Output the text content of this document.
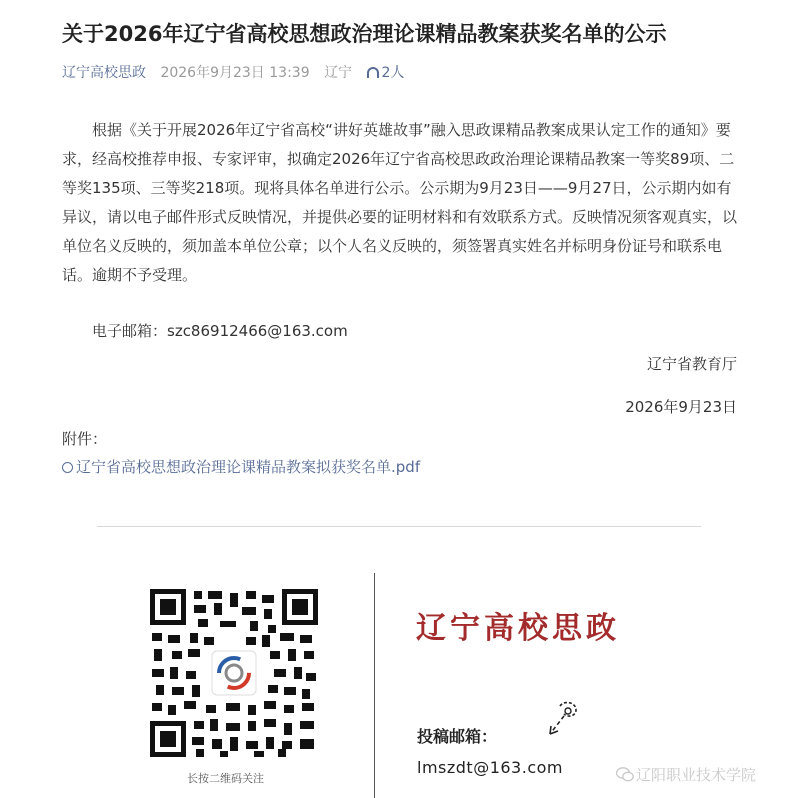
关于2026年辽宁省高校思想政治理论课精品教案获奖名单的公示
辽宁高校思政 2026年9月23日 13:39 辽宁 2人

根据《关于开展2026年辽宁省高校“讲好英雄故事”融入思政课精品教案成果认定工作的通知》要求，经高校推荐申报、专家评审，拟确定2026年辽宁省高校思政政治理论课精品教案一等奖89项、二等奖135项、三等奖218项。现将具体名单进行公示。公示期为9月23日——9月27日，公示期内如有异议，请以电子邮件形式反映情况，并提供必要的证明材料和有效联系方式。反映情况须客观真实，以单位名义反映的，须加盖本单位公章；以个人名义反映的，须签署真实姓名并标明身份证号和联系电话。逾期不予受理。

电子邮箱：szc86912466@163.com
辽宁省教育厅
2026年9月23日
附件：
辽宁省高校思想政治理论课精品教案拟获奖名单.pdf
长按二维码关注
辽宁高校思政
投稿邮箱：
lmszdt@163.com	辽阳职业技术学院
